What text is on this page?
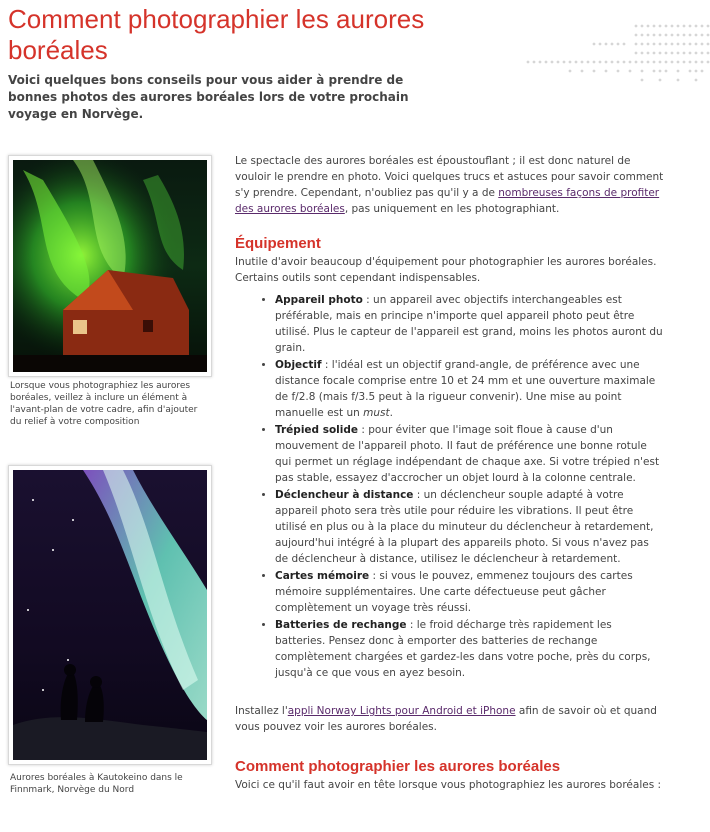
Comment photographier les aurores boréales

Voici quelques bons conseils pour vous aider à prendre de bonnes photos des aurores boréales lors de votre prochain voyage en Norvège.

Lorsque vous photographiez les aurores boréales, veillez à inclure un élément à l'avant-plan de votre cadre, afin d'ajouter du relief à votre composition

Aurores boréales à Kautokeino dans le Finnmark, Norvège du Nord

Le spectacle des aurores boréales est époustouflant ; il est donc naturel de vouloir le prendre en photo. Voici quelques trucs et astuces pour savoir comment s'y prendre. Cependant, n'oubliez pas qu'il y a de nombreuses façons de profiter des aurores boréales, pas uniquement en les photographiant.

Équipement

Inutile d'avoir beaucoup d'équipement pour photographier les aurores boréales. Certains outils sont cependant indispensables.

• Appareil photo : un appareil avec objectifs interchangeables est préférable, mais en principe n'importe quel appareil photo peut être utilisé. Plus le capteur de l'appareil est grand, moins les photos auront du grain.
• Objectif : l'idéal est un objectif grand-angle, de préférence avec une distance focale comprise entre 10 et 24 mm et une ouverture maximale de f/2.8 (mais f/3.5 peut à la rigueur convenir). Une mise au point manuelle est un must.
• Trépied solide : pour éviter que l'image soit floue à cause d'un mouvement de l'appareil photo. Il faut de préférence une bonne rotule qui permet un réglage indépendant de chaque axe. Si votre trépied n'est pas stable, essayez d'accrocher un objet lourd à la colonne centrale.
• Déclencheur à distance : un déclencheur souple adapté à votre appareil photo sera très utile pour réduire les vibrations. Il peut être utilisé en plus ou à la place du minuteur du déclencheur à retardement, aujourd'hui intégré à la plupart des appareils photo. Si vous n'avez pas de déclencheur à distance, utilisez le déclencheur à retardement.
• Cartes mémoire : si vous le pouvez, emmenez toujours des cartes mémoire supplémentaires. Une carte défectueuse peut gâcher complètement un voyage très réussi.
• Batteries de rechange : le froid décharge très rapidement les batteries. Pensez donc à emporter des batteries de rechange complètement chargées et gardez-les dans votre poche, près du corps, jusqu'à ce que vous en ayez besoin.

Installez l'appli Norway Lights pour Android et iPhone afin de savoir où et quand vous pouvez voir les aurores boréales.

Comment photographier les aurores boréales

Voici ce qu'il faut avoir en tête lorsque vous photographiez les aurores boréales :
